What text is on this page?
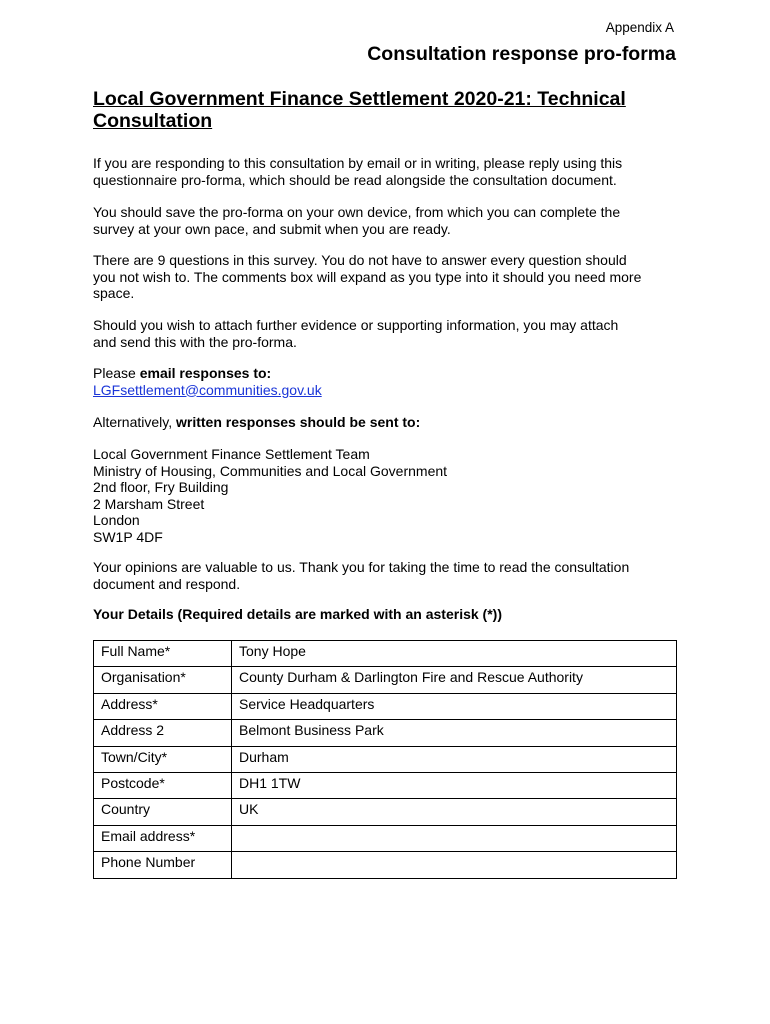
Appendix A
Consultation response pro-forma
Local Government Finance Settlement 2020-21: Technical
Consultation
If you are responding to this consultation by email or in writing, please reply using this
questionnaire pro-forma, which should be read alongside the consultation document.
You should save the pro-forma on your own device, from which you can complete the
survey at your own pace, and submit when you are ready.
There are 9 questions in this survey. You do not have to answer every question should
you not wish to. The comments box will expand as you type into it should you need more
space.
Should you wish to attach further evidence or supporting information, you may attach
and send this with the pro-forma.
Please email responses to:
LGFsettlement@communities.gov.uk
Alternatively, written responses should be sent to:
Local Government Finance Settlement Team
Ministry of Housing, Communities and Local Government
2nd floor, Fry Building
2 Marsham Street
London
SW1P 4DF
Your opinions are valuable to us. Thank you for taking the time to read the consultation
document and respond.
Your Details (Required details are marked with an asterisk (*))
Full Name*	Tony Hope
Organisation*	County Durham & Darlington Fire and Rescue Authority
Address*	Service Headquarters
Address 2	Belmont Business Park
Town/City*	Durham
Postcode*	DH1 1TW
Country	UK
Email address*	
Phone Number	
